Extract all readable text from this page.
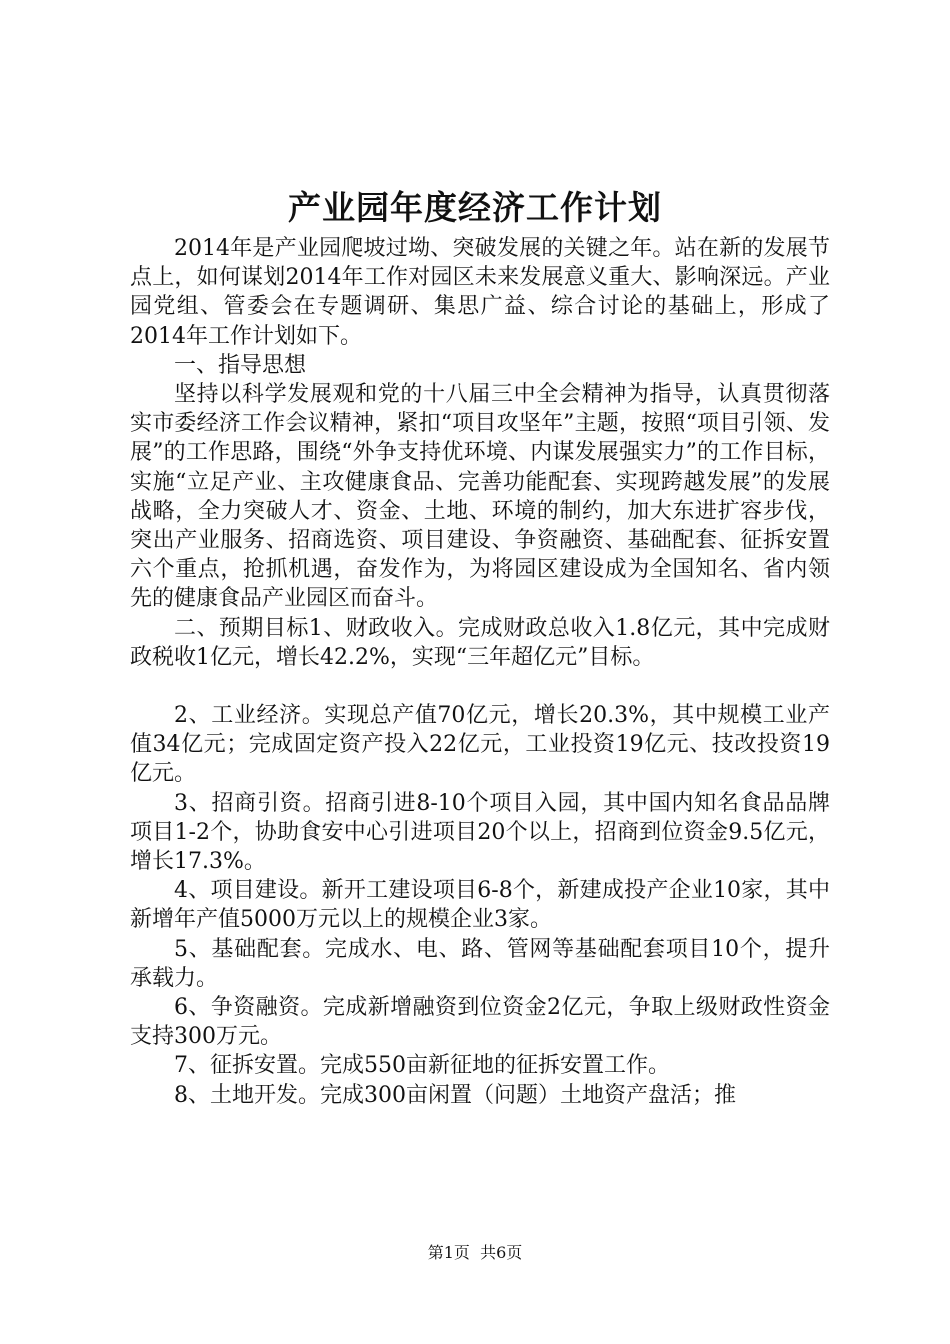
产业园年度经济工作计划

2014年是产业园爬坡过坳、突破发展的关键之年。站在新的发展节点上，如何谋划2014年工作对园区未来发展意义重大、影响深远。产业园党组、管委会在专题调研、集思广益、综合讨论的基础上，形成了2014年工作计划如下。

一、指导思想

坚持以科学发展观和党的十八届三中全会精神为指导，认真贯彻落实市委经济工作会议精神，紧扣“项目攻坚年”主题，按照“项目引领、发展”的工作思路，围绕“外争支持优环境、内谋发展强实力”的工作目标，实施“立足产业、主攻健康食品、完善功能配套、实现跨越发展”的发展战略，全力突破人才、资金、土地、环境的制约，加大东进扩容步伐，突出产业服务、招商选资、项目建设、争资融资、基础配套、征拆安置六个重点，抢抓机遇，奋发作为，为将园区建设成为全国知名、省内领先的健康食品产业园区而奋斗。

二、预期目标1、财政收入。完成财政总收入1.8亿元，其中完成财政税收1亿元，增长42.2%，实现“三年超亿元”目标。

2、工业经济。实现总产值70亿元，增长20.3%，其中规模工业产值34亿元；完成固定资产投入22亿元，工业投资19亿元、技改投资19亿元。

3、招商引资。招商引进8-10个项目入园，其中国内知名食品品牌项目1-2个，协助食安中心引进项目20个以上，招商到位资金9.5亿元，增长17.3%。

4、项目建设。新开工建设项目6-8个，新建成投产企业10家，其中新增年产值5000万元以上的规模企业3家。

5、基础配套。完成水、电、路、管网等基础配套项目10个，提升承载力。

6、争资融资。完成新增融资到位资金2亿元，争取上级财政性资金支持300万元。

7、征拆安置。完成550亩新征地的征拆安置工作。

8、土地开发。完成300亩闲置（问题）土地资产盘活；推

第1页 共6页
